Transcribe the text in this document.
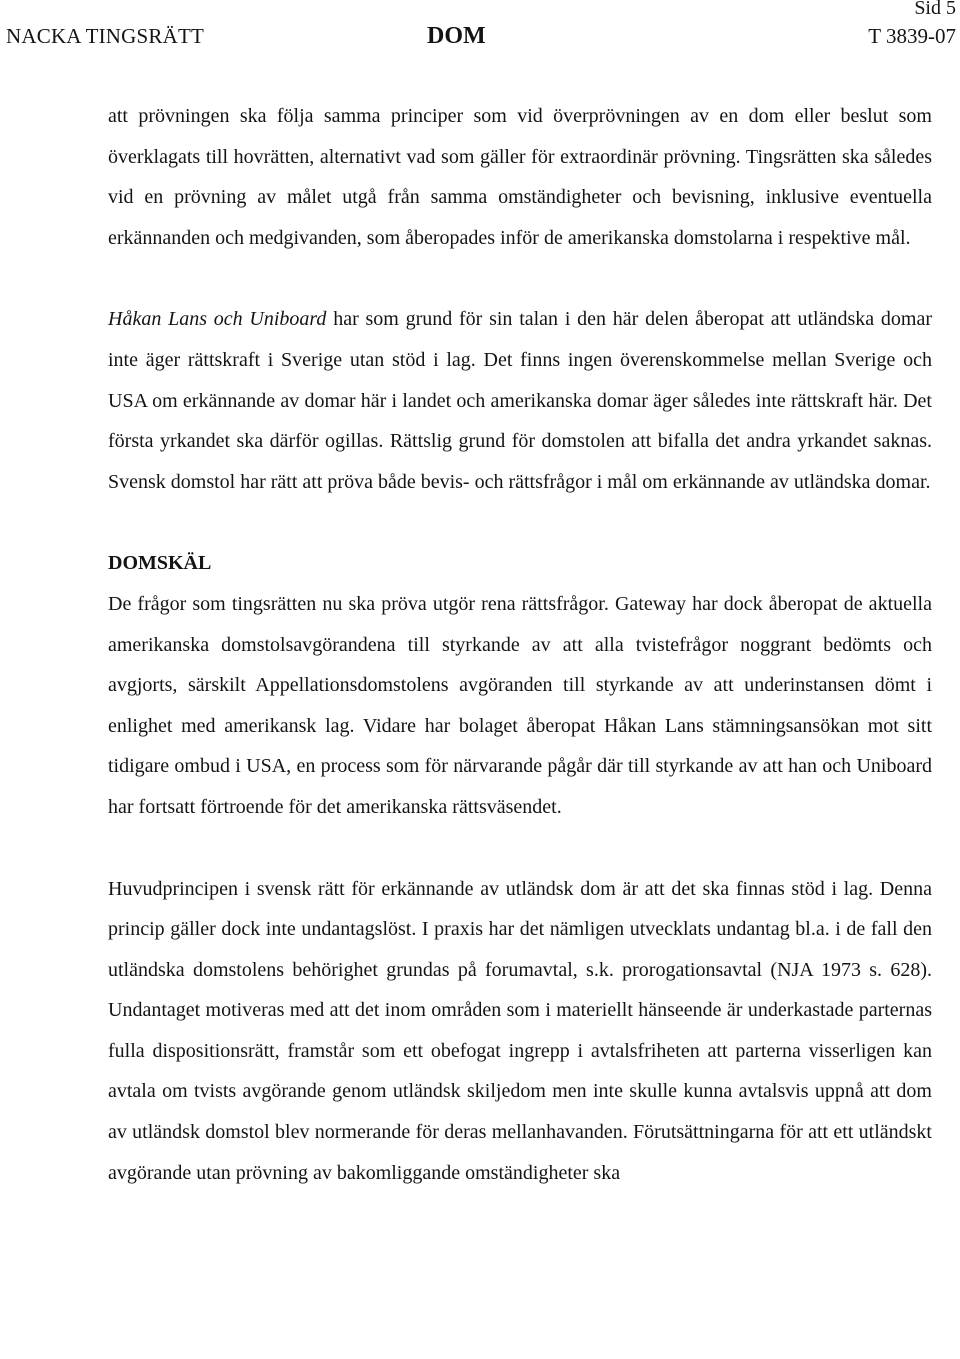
Sid 5

NACKA TINGSRÄTT	DOM	T 3839-07

att prövningen ska följa samma principer som vid överprövningen av en dom eller beslut som överklagats till hovrätten, alternativt vad som gäller för extraordinär prövning. Tingsrätten ska således vid en prövning av målet utgå från samma omständigheter och bevisning, inklusive eventuella erkännanden och medgivanden, som åberopades inför de amerikanska domstolarna i respektive mål.

Håkan Lans och Uniboard har som grund för sin talan i den här delen åberopat att utländska domar inte äger rättskraft i Sverige utan stöd i lag. Det finns ingen överenskommelse mellan Sverige och USA om erkännande av domar här i landet och amerikanska domar äger således inte rättskraft här. Det första yrkandet ska därför ogillas. Rättslig grund för domstolen att bifalla det andra yrkandet saknas. Svensk domstol har rätt att pröva både bevis- och rättsfrågor i mål om erkännande av utländska domar.

DOMSKÄL

De frågor som tingsrätten nu ska pröva utgör rena rättsfrågor. Gateway har dock åberopat de aktuella amerikanska domstolsavgörandena till styrkande av att alla tvistefrågor noggrant bedömts och avgjorts, särskilt Appellationsdomstolens avgöranden till styrkande av att underinstansen dömt i enlighet med amerikansk lag. Vidare har bolaget åberopat Håkan Lans stämningsansökan mot sitt tidigare ombud i USA, en process som för närvarande pågår där till styrkande av att han och Uniboard har fortsatt förtroende för det amerikanska rättsväsendet.

Huvudprincipen i svensk rätt för erkännande av utländsk dom är att det ska finnas stöd i lag. Denna princip gäller dock inte undantagslöst. I praxis har det nämligen utvecklats undantag bl.a. i de fall den utländska domstolens behörighet grundas på forumavtal, s.k. prorogationsavtal (NJA 1973 s. 628). Undantaget motiveras med att det inom områden som i materiellt hänseende är underkastade parternas fulla dispositionsrätt, framstår som ett obefogat ingrepp i avtalsfriheten att parterna visserligen kan avtala om tvists avgörande genom utländsk skiljedom men inte skulle kunna avtalsvis uppnå att dom av utländsk domstol blev normerande för deras mellanhavanden. Förutsättningarna för att ett utländskt avgörande utan prövning av bakomliggande omständigheter ska
